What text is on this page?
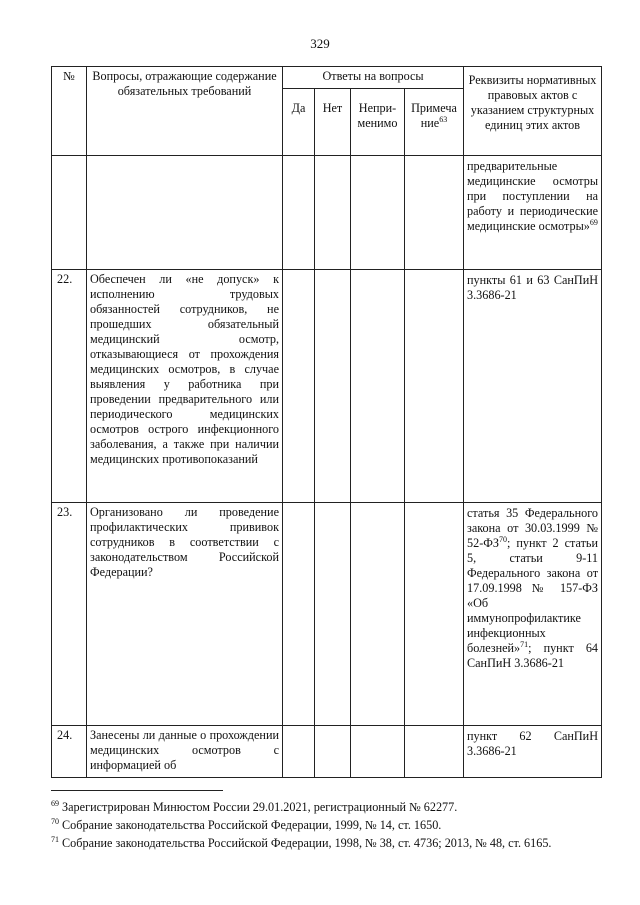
329
№	Вопросы, отражающие содержание обязательных требований	Ответы на вопросы				Реквизиты нормативных правовых актов с указанием структурных единиц этих актов
		Да	Нет	Непри-менимо	Примеча ние$^{63}$
						предварительные медицинские осмотры при поступлении на работу и периодические медицинские осмотры»$^{69}$
22.	Обеспечен ли «не допуск» к исполнению трудовых обязанностей сотрудников, не прошедших обязательный медицинский осмотр, отказывающиеся от прохождения медицинских осмотров, в случае выявления у работника при проведении предварительного или периодического медицинских осмотров острого инфекционного заболевания, а также при наличии медицинских противопоказаний					пункты 61 и 63 СанПиН 3.3686-21
23.	Организовано ли проведение профилактических прививок сотрудников в соответствии с законодательством Российской Федерации?					статья 35 Федерального закона от 30.03.1999 № 52-ФЗ$^{70}$; пункт 2 статьи 5, статьи 9-11 Федерального закона от 17.09.1998 № 157-ФЗ «Об иммунопрофилактике инфекционных болезней»$^{71}$; пункт 64 СанПиН 3.3686-21
24.	Занесены ли данные о прохождении медицинских осмотров с информацией об					пункт 62 СанПиН 3.3686-21
$^{69}$ Зарегистрирован Минюстом России 29.01.2021, регистрационный № 62277.
$^{70}$ Собрание законодательства Российской Федерации, 1999, № 14, ст. 1650.
$^{71}$ Собрание законодательства Российской Федерации, 1998, № 38, ст. 4736; 2013, № 48, ст. 6165.
